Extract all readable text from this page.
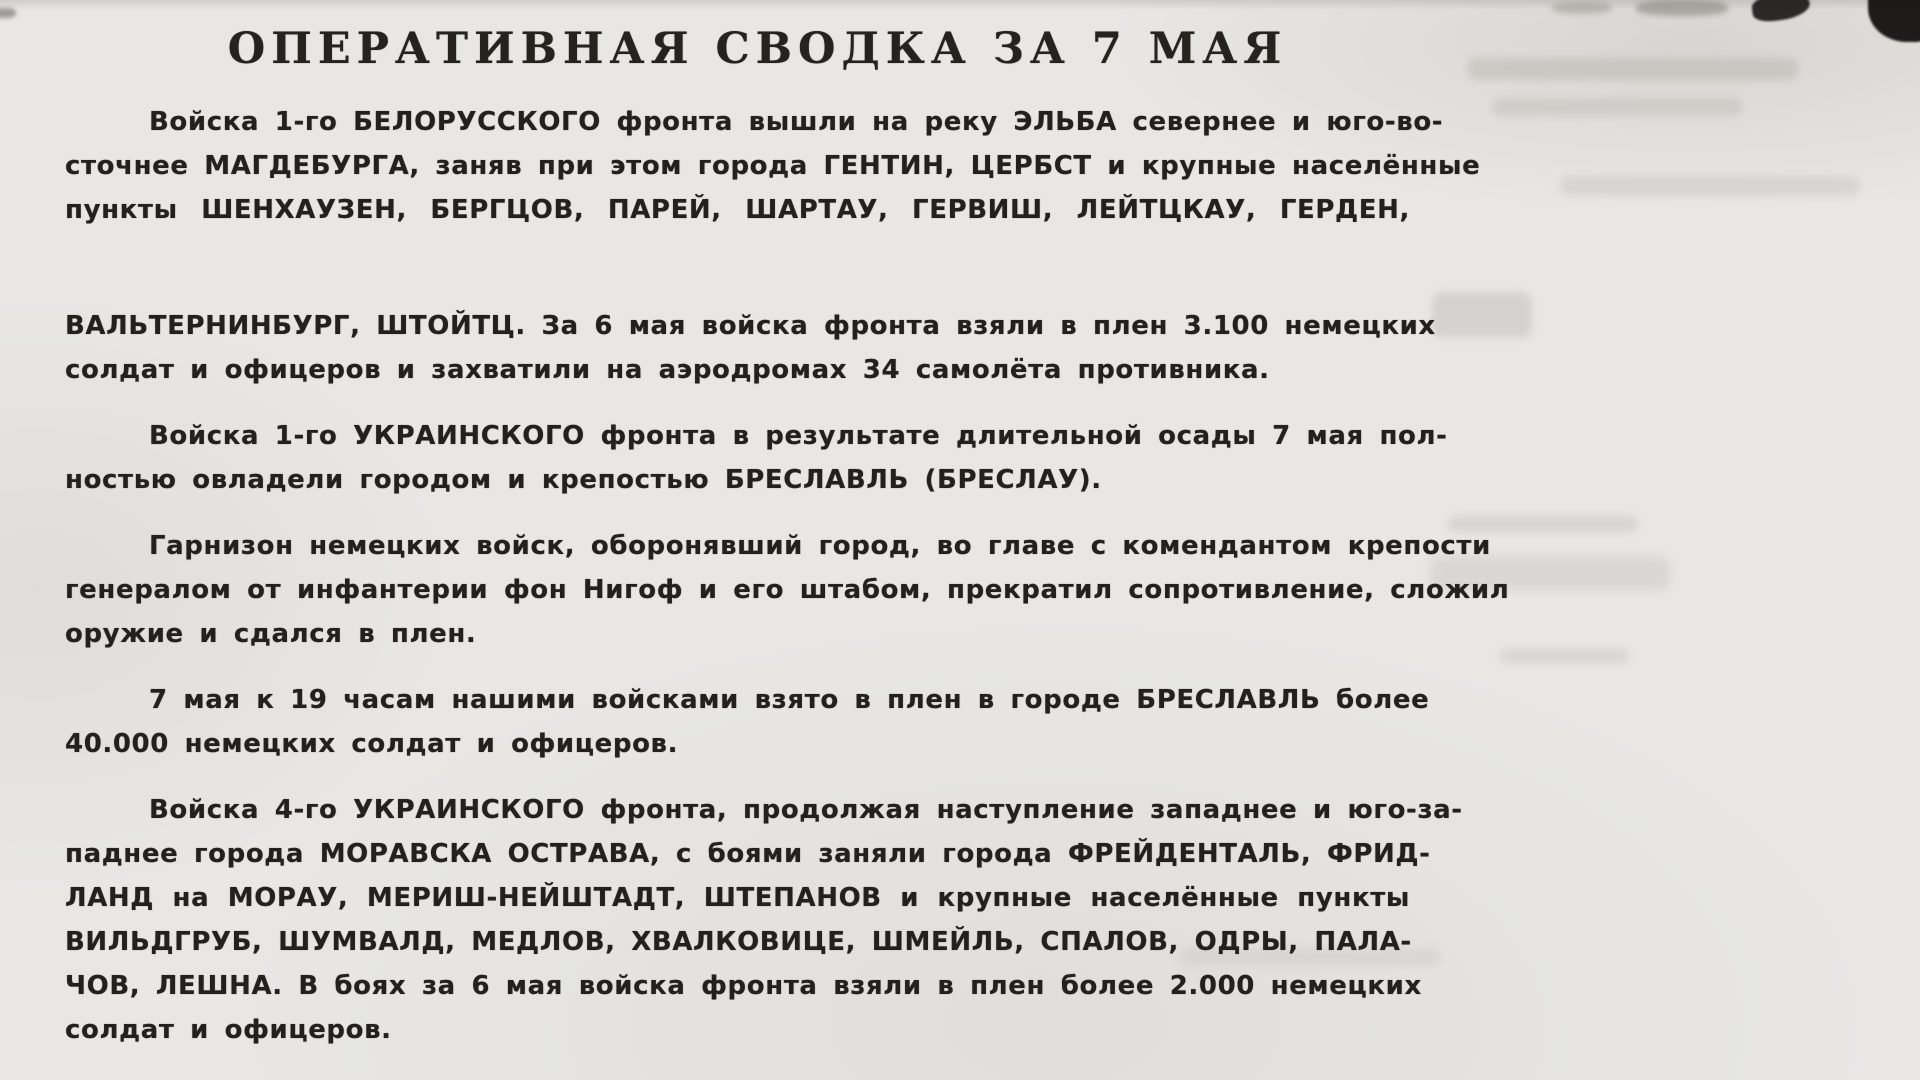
ОПЕРАТИВНАЯ СВОДКА ЗА 7 МАЯ
Войска 1-го БЕЛОРУССКОГО фронта вышли на реку ЭЛЬБА севернее и юго-во-
сточнее МАГДЕБУРГА, заняв при этом города ГЕНТИН, ЦЕРБСТ и крупные населённые
пункты ШЕНХАУЗЕН, БЕРГЦОВ, ПАРЕЙ, ШАРТАУ, ГЕРВИШ, ЛЕЙТЦКАУ, ГЕРДЕН,
ВАЛЬТЕРНИНБУРГ, ШТОЙТЦ. За 6 мая войска фронта взяли в плен 3.100 немецких
солдат и офицеров и захватили на аэродромах 34 самолёта противника.
Войска 1-го УКРАИНСКОГО фронта в результате длительной осады 7 мая пол-
ностью овладели городом и крепостью БРЕСЛАВЛЬ (БРЕСЛАУ).
Гарнизон немецких войск, оборонявший город, во главе с комендантом крепости
генералом от инфантерии фон Нигоф и его штабом, прекратил сопротивление, сложил
оружие и сдался в плен.
7 мая к 19 часам нашими войсками взято в плен в городе БРЕСЛАВЛЬ более
40.000 немецких солдат и офицеров.
Войска 4-го УКРАИНСКОГО фронта, продолжая наступление западнее и юго-за-
паднее города МОРАВСКА ОСТРАВА, с боями заняли города ФРЕЙДЕНТАЛЬ, ФРИД-
ЛАНД на МОРАУ, МЕРИШ-НЕЙШТАДТ, ШТЕПАНОВ и крупные населённые пункты
ВИЛЬДГРУБ, ШУМВАЛД, МЕДЛОВ, ХВАЛКОВИЦЕ, ШМЕЙЛЬ, СПАЛОВ, ОДРЫ, ПАЛА-
ЧОВ, ЛЕШНА. В боях за 6 мая войска фронта взяли в плен более 2.000 немецких
солдат и офицеров.
